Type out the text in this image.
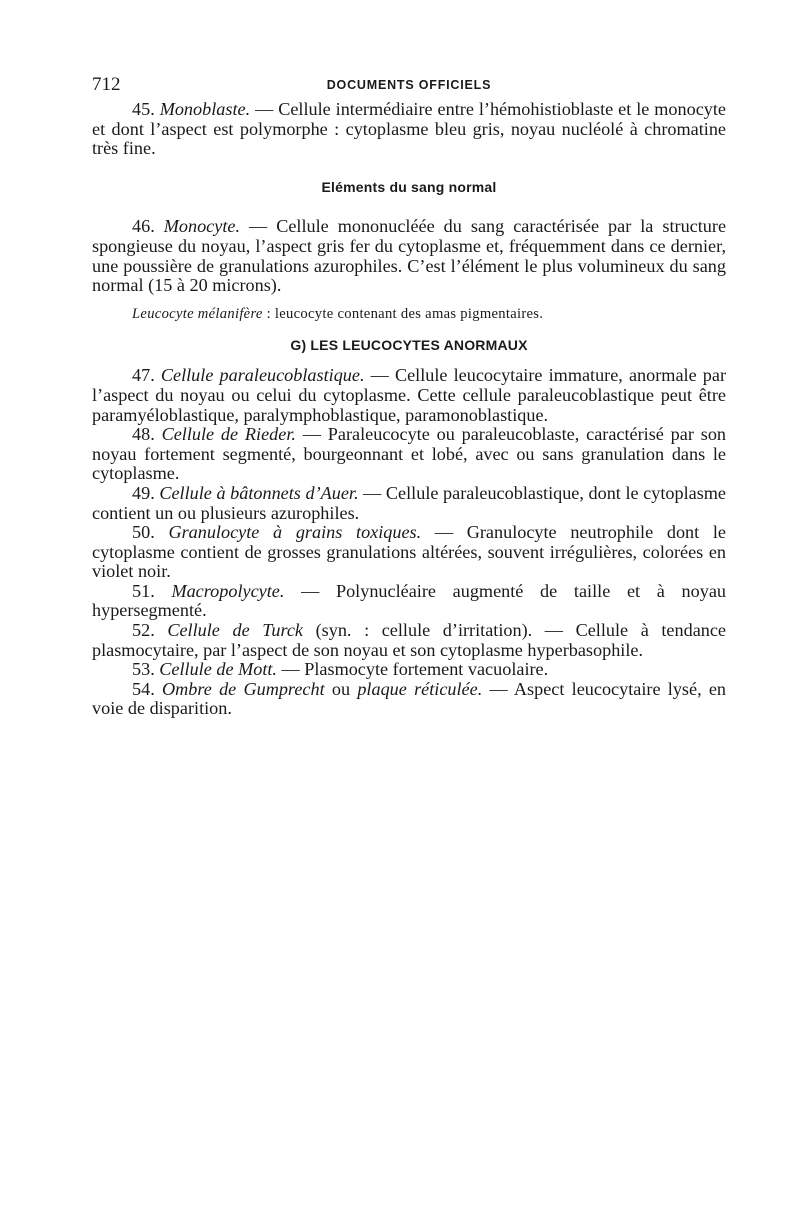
712	DOCUMENTS OFFICIELS

45. Monoblaste. — Cellule intermédiaire entre l’hémohistioblaste et le monocyte et dont l’aspect est polymorphe : cytoplasme bleu gris, noyau nucléolé à chromatine très fine.

Eléments du sang normal

46. Monocyte. — Cellule mononucléée du sang caractérisée par la structure spongieuse du noyau, l’aspect gris fer du cytoplasme et, fréquemment dans ce dernier, une poussière de granulations azurophiles. C’est l’élément le plus volumineux du sang normal (15 à 20 microns).

Leucocyte mélanifère : leucocyte contenant des amas pigmentaires.

G) LES LEUCOCYTES ANORMAUX

47. Cellule paraleucoblastique. — Cellule leucocytaire immature, anormale par l’aspect du noyau ou celui du cytoplasme. Cette cellule paraleucoblastique peut être paramyéloblastique, paralymphoblastique, paramonoblastique.

48. Cellule de Rieder. — Paraleucocyte ou paraleucoblaste, caractérisé par son noyau fortement segmenté, bourgeonnant et lobé, avec ou sans granulation dans le cytoplasme.

49. Cellule à bâtonnets d’Auer. — Cellule paraleucoblastique, dont le cytoplasme contient un ou plusieurs azurophiles.

50. Granulocyte à grains toxiques. — Granulocyte neutrophile dont le cytoplasme contient de grosses granulations altérées, souvent irrégulières, colorées en violet noir.

51. Macropolycyte. — Polynucléaire augmenté de taille et à noyau hypersegmenté.

52. Cellule de Turck (syn. : cellule d’irritation). — Cellule à tendance plasmocytaire, par l’aspect de son noyau et son cytoplasme hyperbasophile.

53. Cellule de Mott. — Plasmocyte fortement vacuolaire.

54. Ombre de Gumprecht ou plaque réticulée. — Aspect leucocytaire lysé, en voie de disparition.
